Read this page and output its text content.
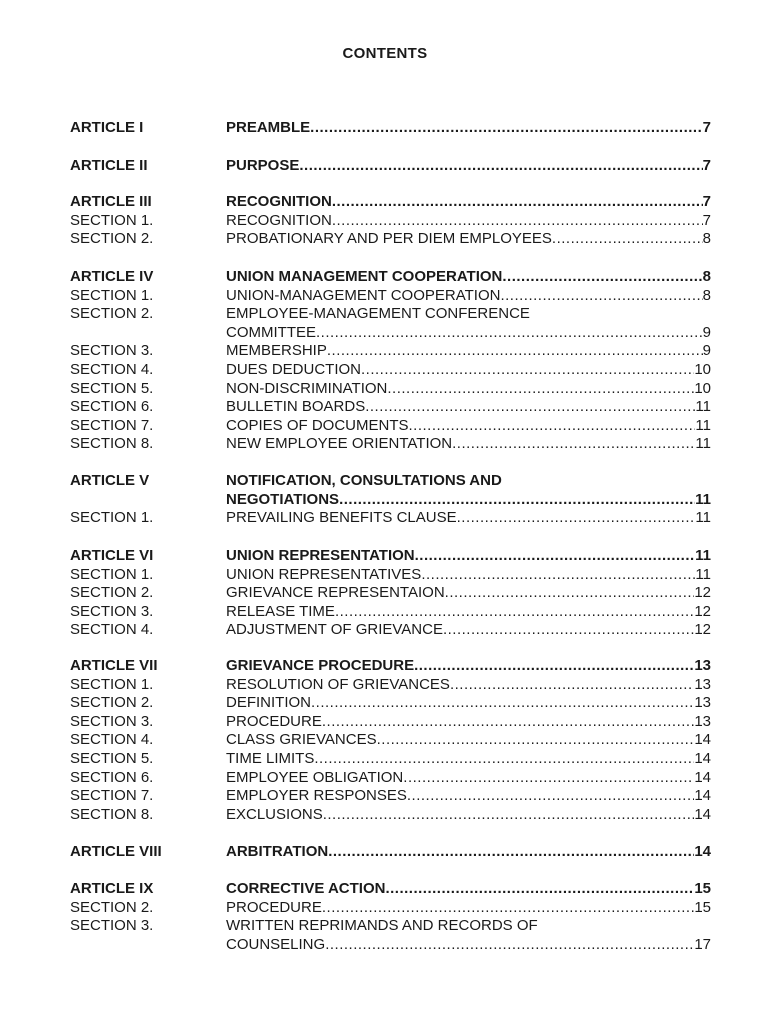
CONTENTS
ARTICLE I	PREAMBLE .....	7
ARTICLE II	PURPOSE .....	7
ARTICLE III	RECOGNITION .....	7
SECTION 1.	RECOGNITION .....	7
SECTION 2.	PROBATIONARY AND PER DIEM EMPLOYEES .....	8
ARTICLE IV	UNION MANAGEMENT COOPERATION .....	8
SECTION 1.	UNION-MANAGEMENT COOPERATION .....	8
SECTION 2.	EMPLOYEE-MANAGEMENT CONFERENCE
COMMITTEE .....	9
SECTION 3.	MEMBERSHIP .....	9
SECTION 4.	DUES DEDUCTION .....	10
SECTION 5.	NON-DISCRIMINATION .....	10
SECTION 6.	BULLETIN BOARDS .....	11
SECTION 7.	COPIES OF DOCUMENTS .....	11
SECTION 8.	NEW EMPLOYEE ORIENTATION .....	11
ARTICLE V	NOTIFICATION, CONSULTATIONS AND
NEGOTIATIONS .....	11
SECTION 1.	PREVAILING BENEFITS CLAUSE .....	11
ARTICLE VI	UNION REPRESENTATION .....	11
SECTION 1.	UNION REPRESENTATIVES .....	11
SECTION 2.	GRIEVANCE REPRESENTAION .....	12
SECTION 3.	RELEASE TIME .....	12
SECTION 4.	ADJUSTMENT OF GRIEVANCE .....	12
ARTICLE VII	GRIEVANCE PROCEDURE .....	13
SECTION 1.	RESOLUTION OF GRIEVANCES .....	13
SECTION 2.	DEFINITION .....	13
SECTION 3.	PROCEDURE .....	13
SECTION 4.	CLASS GRIEVANCES .....	14
SECTION 5.	TIME LIMITS .....	14
SECTION 6.	EMPLOYEE OBLIGATION .....	14
SECTION 7.	EMPLOYER RESPONSES .....	14
SECTION 8.	EXCLUSIONS .....	14
ARTICLE VIII	ARBITRATION .....	14
ARTICLE IX	CORRECTIVE ACTION .....	15
SECTION 2.	PROCEDURE .....	15
SECTION 3.	WRITTEN REPRIMANDS AND RECORDS OF
COUNSELING .....	17
